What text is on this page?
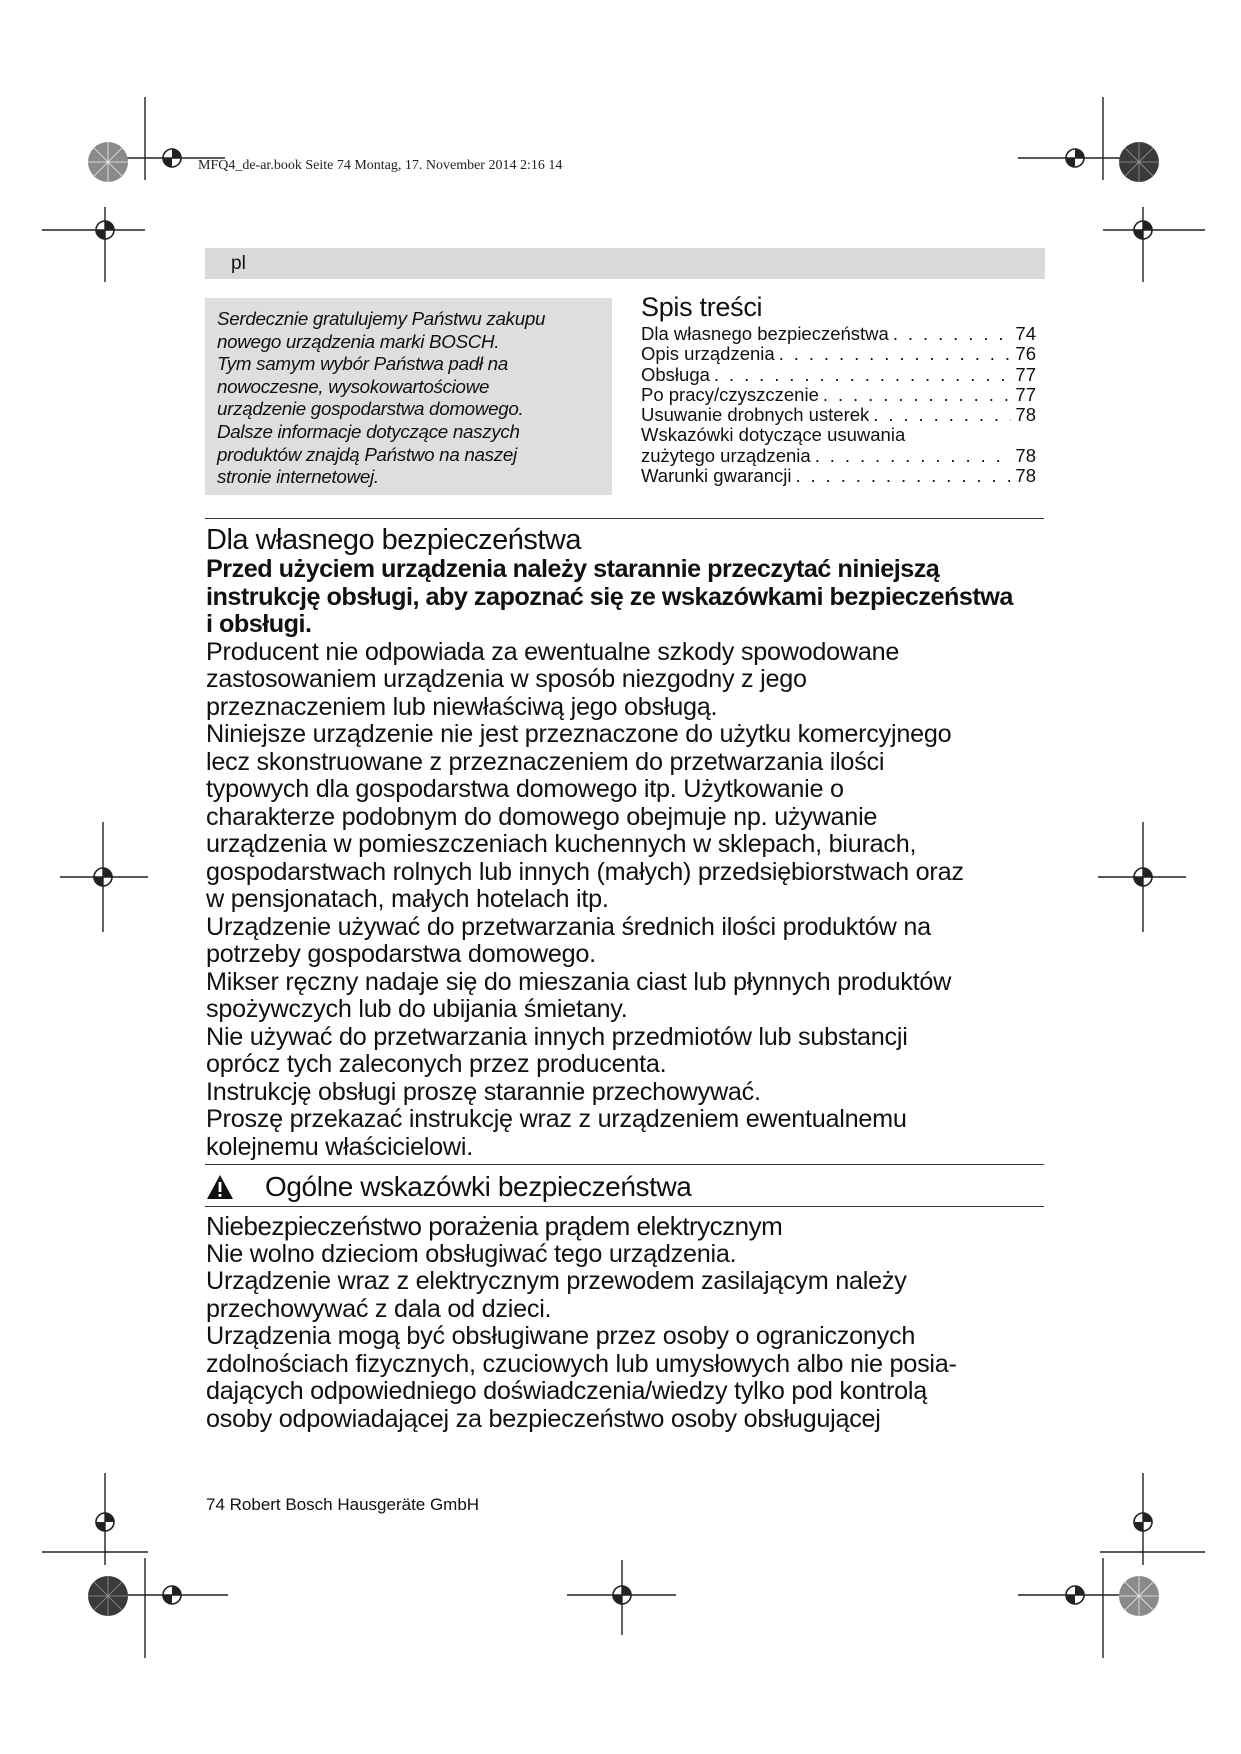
MFQ4_de-ar.book Seite 74 Montag, 17. November 2014 2:16 14
pl
Serdecznie gratulujemy Państwu zakupu
nowego urządzenia marki BOSCH.
Tym samym wybór Państwa padł na
nowoczesne, wysokowartościowe
urządzenie gospodarstwa domowego.
Dalsze informacje dotyczące naszych
produktów znajdą Państwo na naszej
stronie internetowej.
Spis treści
Dla własnego bezpieczeństwa . . .	74
Opis urządzenia . . .	76
Obsługa . . .	77
Po pracy/czyszczenie . . .	77
Usuwanie drobnych usterek . . .	78
Wskazówki dotyczące usuwania
zużytego urządzenia . . .	78
Warunki gwarancji . . .	78
Dla własnego bezpieczeństwa
Przed użyciem urządzenia należy starannie przeczytać niniejszą
instrukcję obsługi, aby zapoznać się ze wskazówkami bezpieczeństwa
i obsługi.
Producent nie odpowiada za ewentualne szkody spowodowane
zastosowaniem urządzenia w sposób niezgodny z jego
przeznaczeniem lub niewłaściwą jego obsługą.
Niniejsze urządzenie nie jest przeznaczone do użytku komercyjnego
lecz skonstruowane z przeznaczeniem do przetwarzania ilości
typowych dla gospodarstwa domowego itp. Użytkowanie o
charakterze podobnym do domowego obejmuje np. używanie
urządzenia w pomieszczeniach kuchennych w sklepach, biurach,
gospodarstwach rolnych lub innych (małych) przedsiębiorstwach oraz
w pensjonatach, małych hotelach itp.
Urządzenie używać do przetwarzania średnich ilości produktów na
potrzeby gospodarstwa domowego.
Mikser ręczny nadaje się do mieszania ciast lub płynnych produktów
spożywczych lub do ubijania śmietany.
Nie używać do przetwarzania innych przedmiotów lub substancji
oprócz tych zaleconych przez producenta.
Instrukcję obsługi proszę starannie przechowywać.
Proszę przekazać instrukcję wraz z urządzeniem ewentualnemu
kolejnemu właścicielowi.
Ogólne wskazówki bezpieczeństwa
Niebezpieczeństwo porażenia prądem elektrycznym
Nie wolno dzieciom obsługiwać tego urządzenia.
Urządzenie wraz z elektrycznym przewodem zasilającym należy
przechowywać z dala od dzieci.
Urządzenia mogą być obsługiwane przez osoby o ograniczonych
zdolnościach fizycznych, czuciowych lub umysłowych albo nie posia-
dających odpowiedniego doświadczenia/wiedzy tylko pod kontrolą
osoby odpowiadającej za bezpieczeństwo osoby obsługującej
74 Robert Bosch Hausgeräte GmbH
